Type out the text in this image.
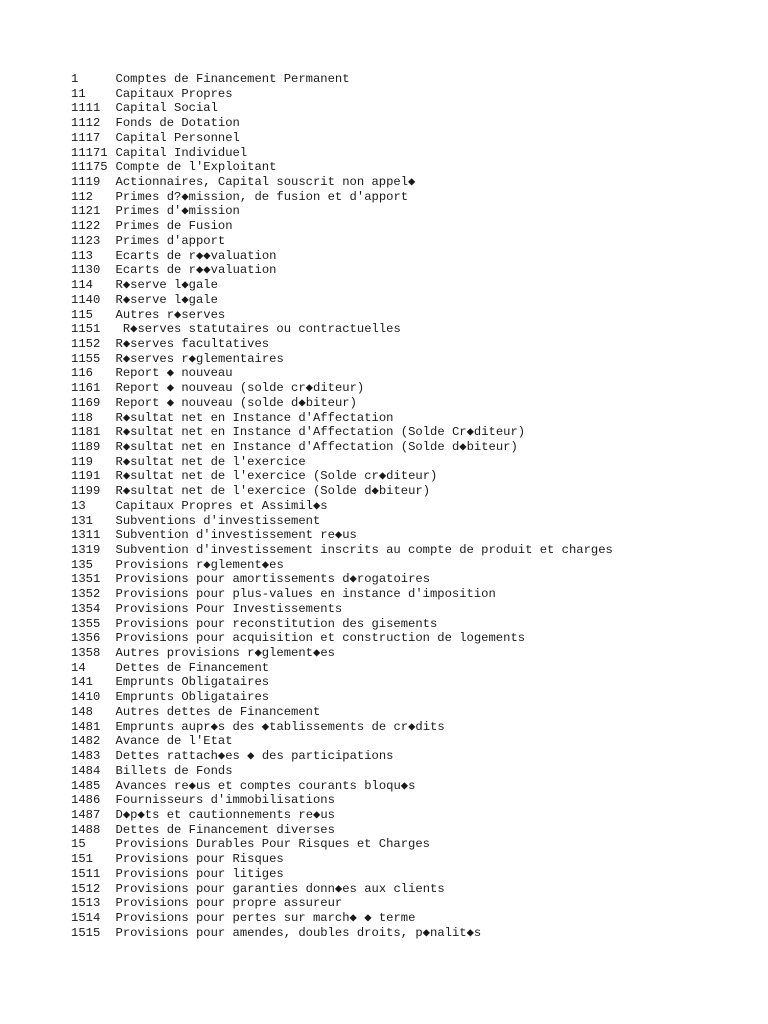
1	Comptes de Financement Permanent
11 Capitaux Propres
1111 Capital Social
1112 Fonds de Dotation
1117 Capital Personnel
11171 Capital Individuel
11175 Compte de l'Exploitant
1119 Actionnaires, Capital souscrit non appel◆
112 Primes d?◆mission, de fusion et d'apport
1121 Primes d'◆mission
1122 Primes de Fusion
1123 Primes d'apport
113 Ecarts de r◆◆valuation
1130 Ecarts de r◆◆valuation
114 R◆serve l◆gale
1140 R◆serve l◆gale
115 Autres r◆serves
1151 R◆serves statutaires ou contractuelles
1152 R◆serves facultatives
1155 R◆serves r◆glementaires
116 Report ◆ nouveau
1161 Report ◆ nouveau (solde cr◆diteur)
1169 Report ◆ nouveau (solde d◆biteur)
118 R◆sultat net en Instance d'Affectation
1181 R◆sultat net en Instance d'Affectation (Solde Cr◆diteur)
1189 R◆sultat net en Instance d'Affectation (Solde d◆biteur)
119 R◆sultat net de l'exercice
1191 R◆sultat net de l'exercice (Solde cr◆diteur)
1199 R◆sultat net de l'exercice (Solde d◆biteur)
13 Capitaux Propres et Assimil◆s
131 Subventions d'investissement
1311 Subvention d'investissement re◆us
1319 Subvention d'investissement inscrits au compte de produit et charges
135 Provisions r◆glement◆es
1351 Provisions pour amortissements d◆rogatoires
1352 Provisions pour plus-values en instance d'imposition
1354 Provisions Pour Investissements
1355 Provisions pour reconstitution des gisements
1356 Provisions pour acquisition et construction de logements
1358 Autres provisions r◆glement◆es
14 Dettes de Financement
141 Emprunts Obligataires
1410 Emprunts Obligataires
148 Autres dettes de Financement
1481 Emprunts aupr◆s des ◆tablissements de cr◆dits
1482 Avance de l'Etat
1483 Dettes rattach◆es ◆ des participations
1484 Billets de Fonds
1485 Avances re◆us et comptes courants bloqu◆s
1486 Fournisseurs d'immobilisations
1487 D◆p◆ts et cautionnements re◆us
1488 Dettes de Financement diverses
15 Provisions Durables Pour Risques et Charges
151 Provisions pour Risques
1511 Provisions pour litiges
1512 Provisions pour garanties donn◆es aux clients
1513 Provisions pour propre assureur
1514 Provisions pour pertes sur march◆ ◆ terme
1515 Provisions pour amendes, doubles droits, p◆nalit◆s
